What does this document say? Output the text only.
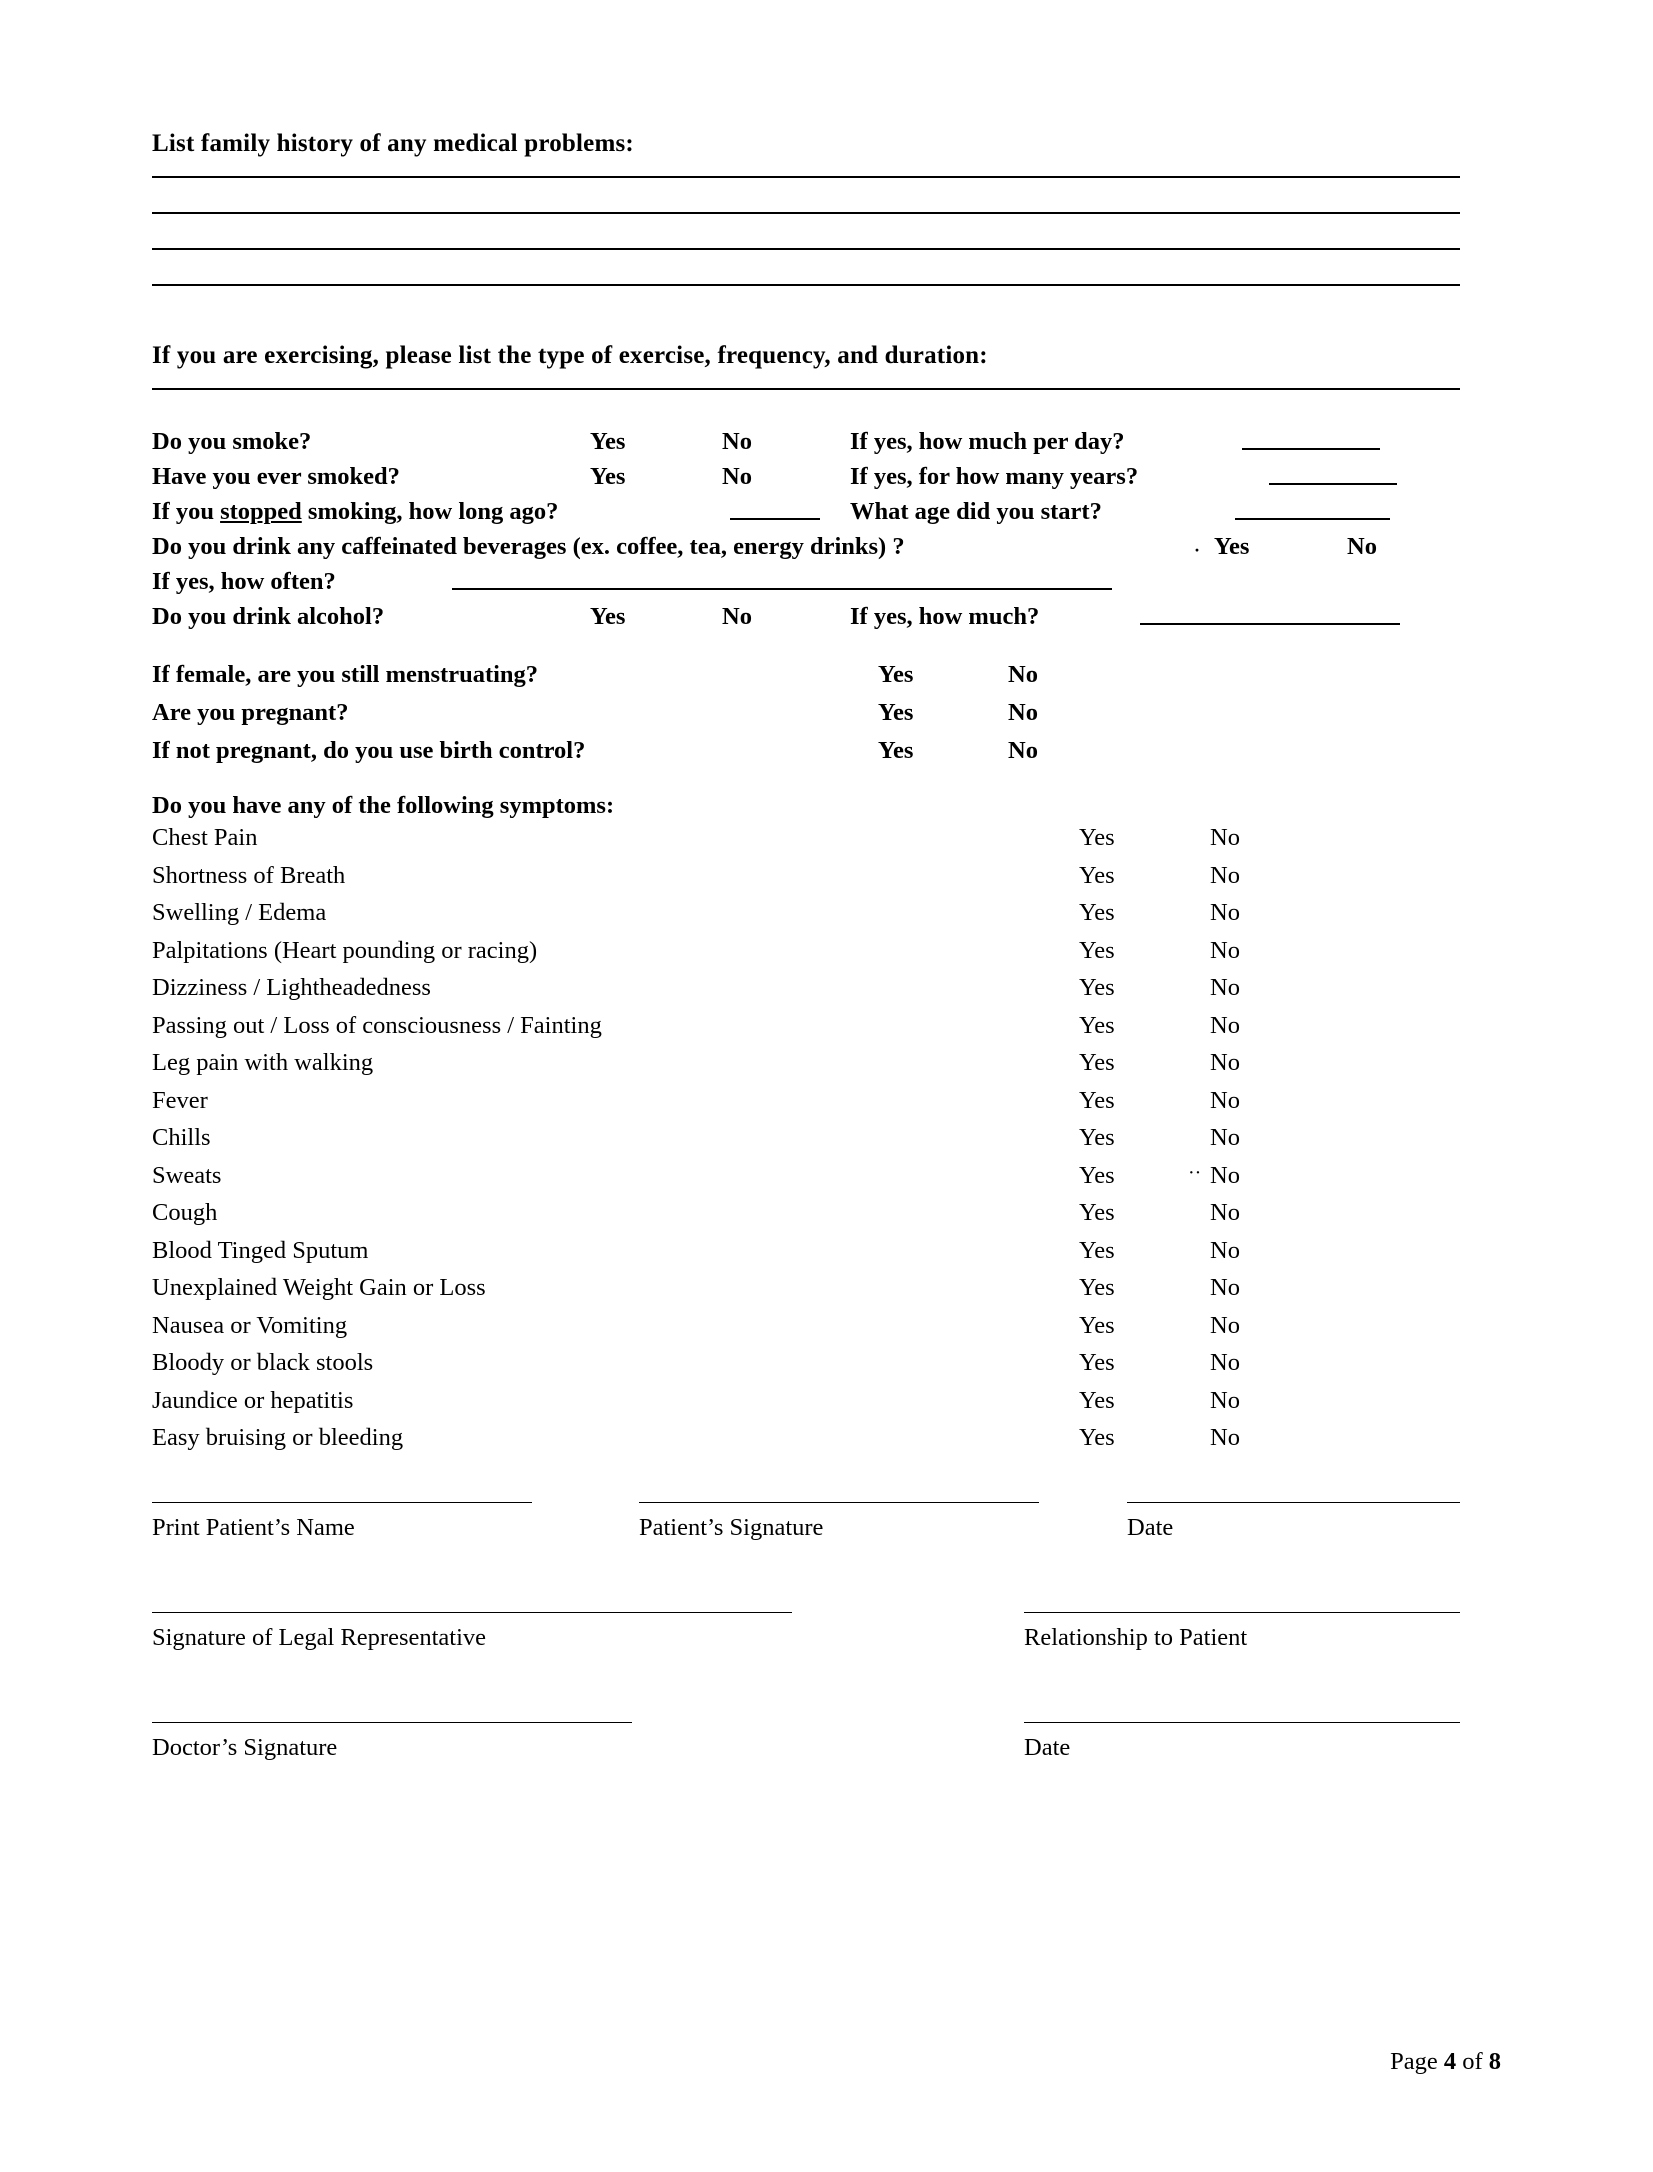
List family history of any medical problems:
If you are exercising, please list the type of exercise, frequency, and duration:
Do you smoke?	Yes	No	If yes, how much per day?
Have you ever smoked?	Yes	No	If yes, for how many years?
If you stopped smoking, how long ago?	What age did you start?
Do you drink any caffeinated beverages (ex. coffee, tea, energy drinks) ?	· Yes	No
If yes, how often?
Do you drink alcohol?	Yes	No	If yes, how much?
If female, are you still menstruating?	Yes	No
Are you pregnant?	Yes	No
If not pregnant, do you use birth control?	Yes	No
Do you have any of the following symptoms:
Chest Pain	Yes	No
Shortness of Breath	Yes	No
Swelling / Edema	Yes	No
Palpitations (Heart pounding or racing)	Yes	No
Dizziness / Lightheadedness	Yes	No
Passing out / Loss of consciousness / Fainting	Yes	No
Leg pain with walking	Yes	No
Fever	Yes	No
Chills	Yes	No
Sweats	Yes	·· No
Cough	Yes	No
Blood Tinged Sputum	Yes	No
Unexplained Weight Gain or Loss	Yes	No
Nausea or Vomiting	Yes	No
Bloody or black stools	Yes	No
Jaundice or hepatitis	Yes	No
Easy bruising or bleeding	Yes	No
Print Patient’s Name	Patient’s Signature	Date
Signature of Legal Representative	Relationship to Patient
Doctor’s Signature	Date
Page 4 of 8
